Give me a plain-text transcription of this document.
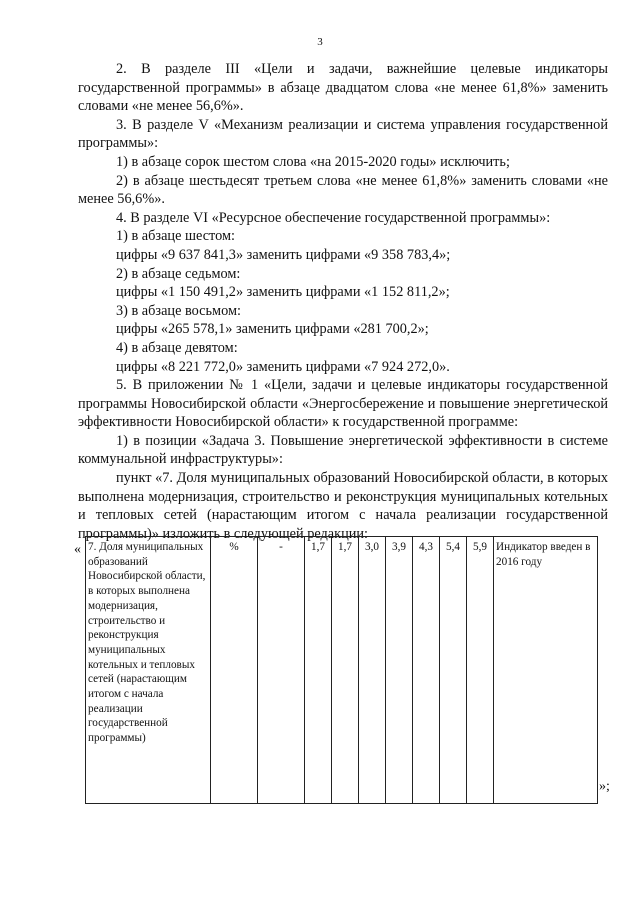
3

2. В разделе III «Цели и задачи, важнейшие целевые индикаторы государственной программы» в абзаце двадцатом слова «не менее 61,8%» заменить словами «не менее 56,6%».

3. В разделе V «Механизм реализации и система управления государственной программы»:

1) в абзаце сорок шестом слова «на 2015-2020 годы» исключить;

2) в абзаце шестьдесят третьем слова «не менее 61,8%» заменить словами «не менее 56,6%».

4. В разделе VI «Ресурсное обеспечение государственной программы»:

1) в абзаце шестом:

цифры «9 637 841,3» заменить цифрами «9 358 783,4»;

2) в абзаце седьмом:

цифры «1 150 491,2» заменить цифрами «1 152 811,2»;

3) в абзаце восьмом:

цифры «265 578,1» заменить цифрами «281 700,2»;

4) в абзаце девятом:

цифры «8 221 772,0» заменить цифрами «7 924 272,0».

5. В приложении № 1 «Цели, задачи и целевые индикаторы государственной программы Новосибирской области «Энергосбережение и повышение энергетической эффективности Новосибирской области» к государственной программе:

1) в позиции «Задача 3. Повышение энергетической эффективности в системе коммунальной инфраструктуры»:

пункт «7. Доля муниципальных образований Новосибирской области, в которых выполнена модернизация, строительство и реконструкция муниципальных котельных и тепловых сетей (нарастающим итогом с начала реализации государственной программы)» изложить в следующей редакции:

« 7. Доля муниципальных образований Новосибирской области, в которых выполнена модернизация, строительство и реконструкция муниципальных котельных и тепловых сетей (нарастающим итогом с начала реализации государственной программы)	%	-	1,7	1,7	3,0	3,9	4,3	5,4	5,9	Индикатор введен в 2016 году
»;
